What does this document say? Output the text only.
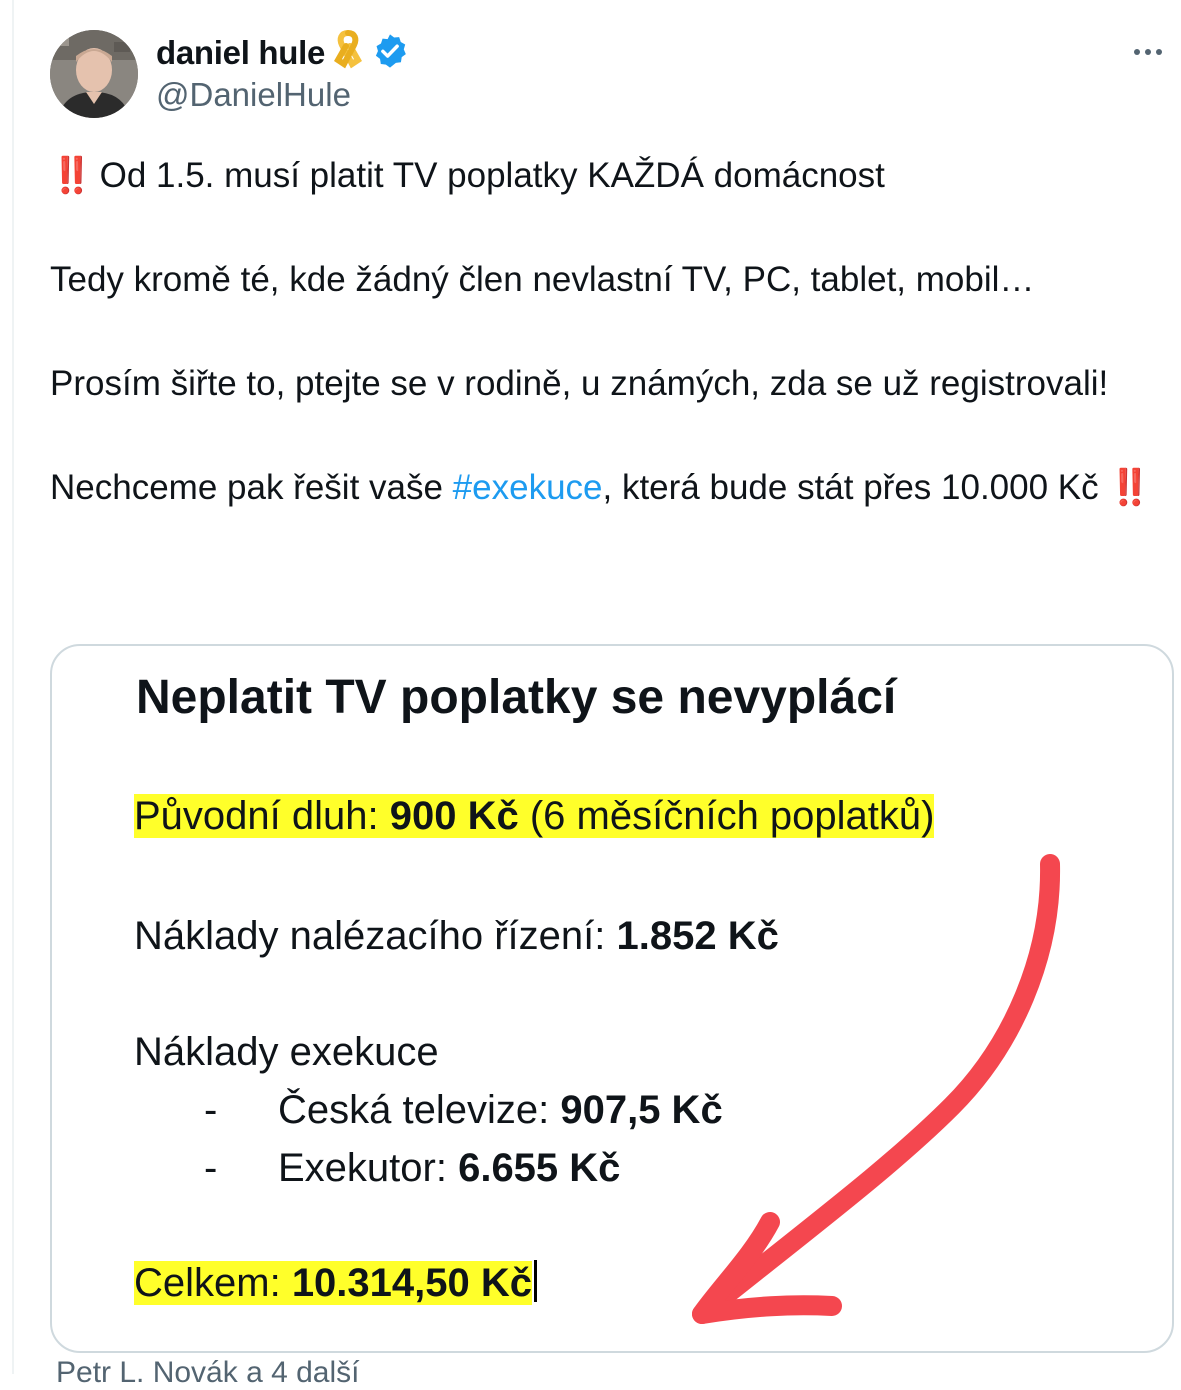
daniel hule
@DanielHule

‼️ Od 1.5. musí platit TV poplatky KAŽDÁ domácnost

Tedy kromě té, kde žádný člen nevlastní TV, PC, tablet, mobil…

Prosím šiřte to, ptejte se v rodině, u známých, zda se už registrovali!

Nechceme pak řešit vaše #exekuce, která bude stát přes 10.000 Kč ‼️

Neplatit TV poplatky se nevyplácí
Původní dluh: 900 Kč (6 měsíčních poplatků)
Náklady nalézacího řízení: 1.852 Kč
Náklady exekuce
- Česká televize: 907,5 Kč
- Exekutor: 6.655 Kč
Celkem: 10.314,50 Kč
Petr L. Novák a 4 další
